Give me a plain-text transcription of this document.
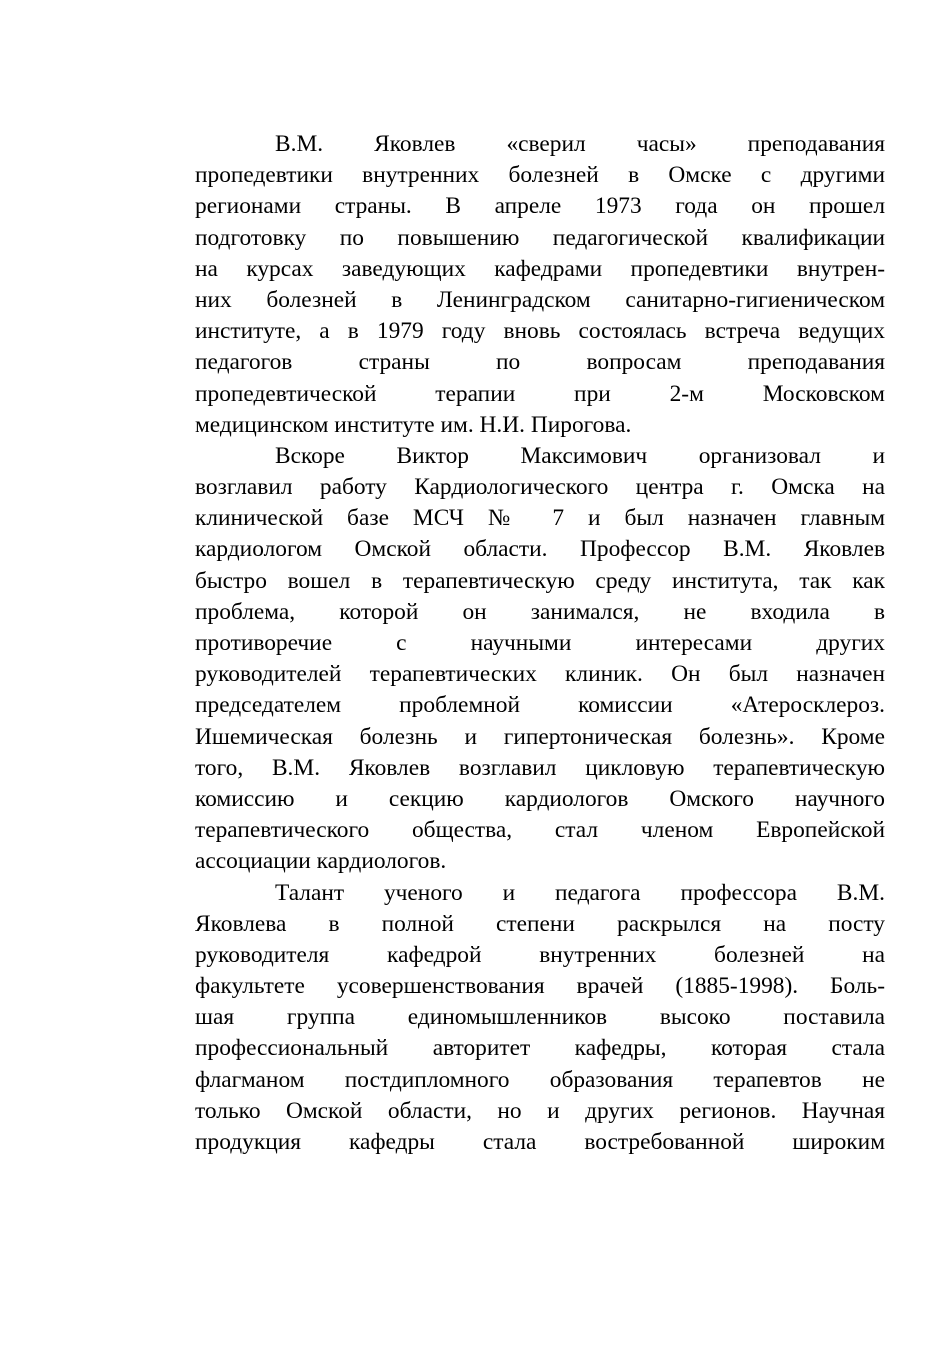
В.М. Яковлев «сверил часы» преподавания
пропедевтики внутренних болезней в Омске с другими
регионами страны. В апреле 1973 года он прошел
подготовку по повышению педагогической квалификации
на курсах заведующих кафедрами пропедевтики внутрен-
них болезней в Ленинградском санитарно-гигиеническом
институте, а в 1979 году вновь состоялась встреча ведущих
педагогов страны по вопросам преподавания
пропедевтической терапии при 2-м Московском
медицинском институте им. Н.И. Пирогова.
Вскоре Виктор Максимович организовал и
возглавил работу Кардиологического центра г. Омска на
клинической базе МСЧ № 7 и был назначен главным
кардиологом Омской области. Профессор В.М. Яковлев
быстро вошел в терапевтическую среду института, так как
проблема, которой он занимался, не входила в
противоречие с научными интересами других
руководителей терапевтических клиник. Он был назначен
председателем проблемной комиссии «Атеросклероз.
Ишемическая болезнь и гипертоническая болезнь». Кроме
того, В.М. Яковлев возглавил цикловую терапевтическую
комиссию и секцию кардиологов Омского научного
терапевтического общества, стал членом Европейской
ассоциации кардиологов.
Талант ученого и педагога профессора В.М.
Яковлева в полной степени раскрылся на посту
руководителя кафедрой внутренних болезней на
факультете усовершенствования врачей (1885-1998). Боль-
шая группа единомышленников высоко поставила
профессиональный авторитет кафедры, которая стала
флагманом постдипломного образования терапевтов не
только Омской области, но и других регионов. Научная
продукция кафедры стала востребованной широким
